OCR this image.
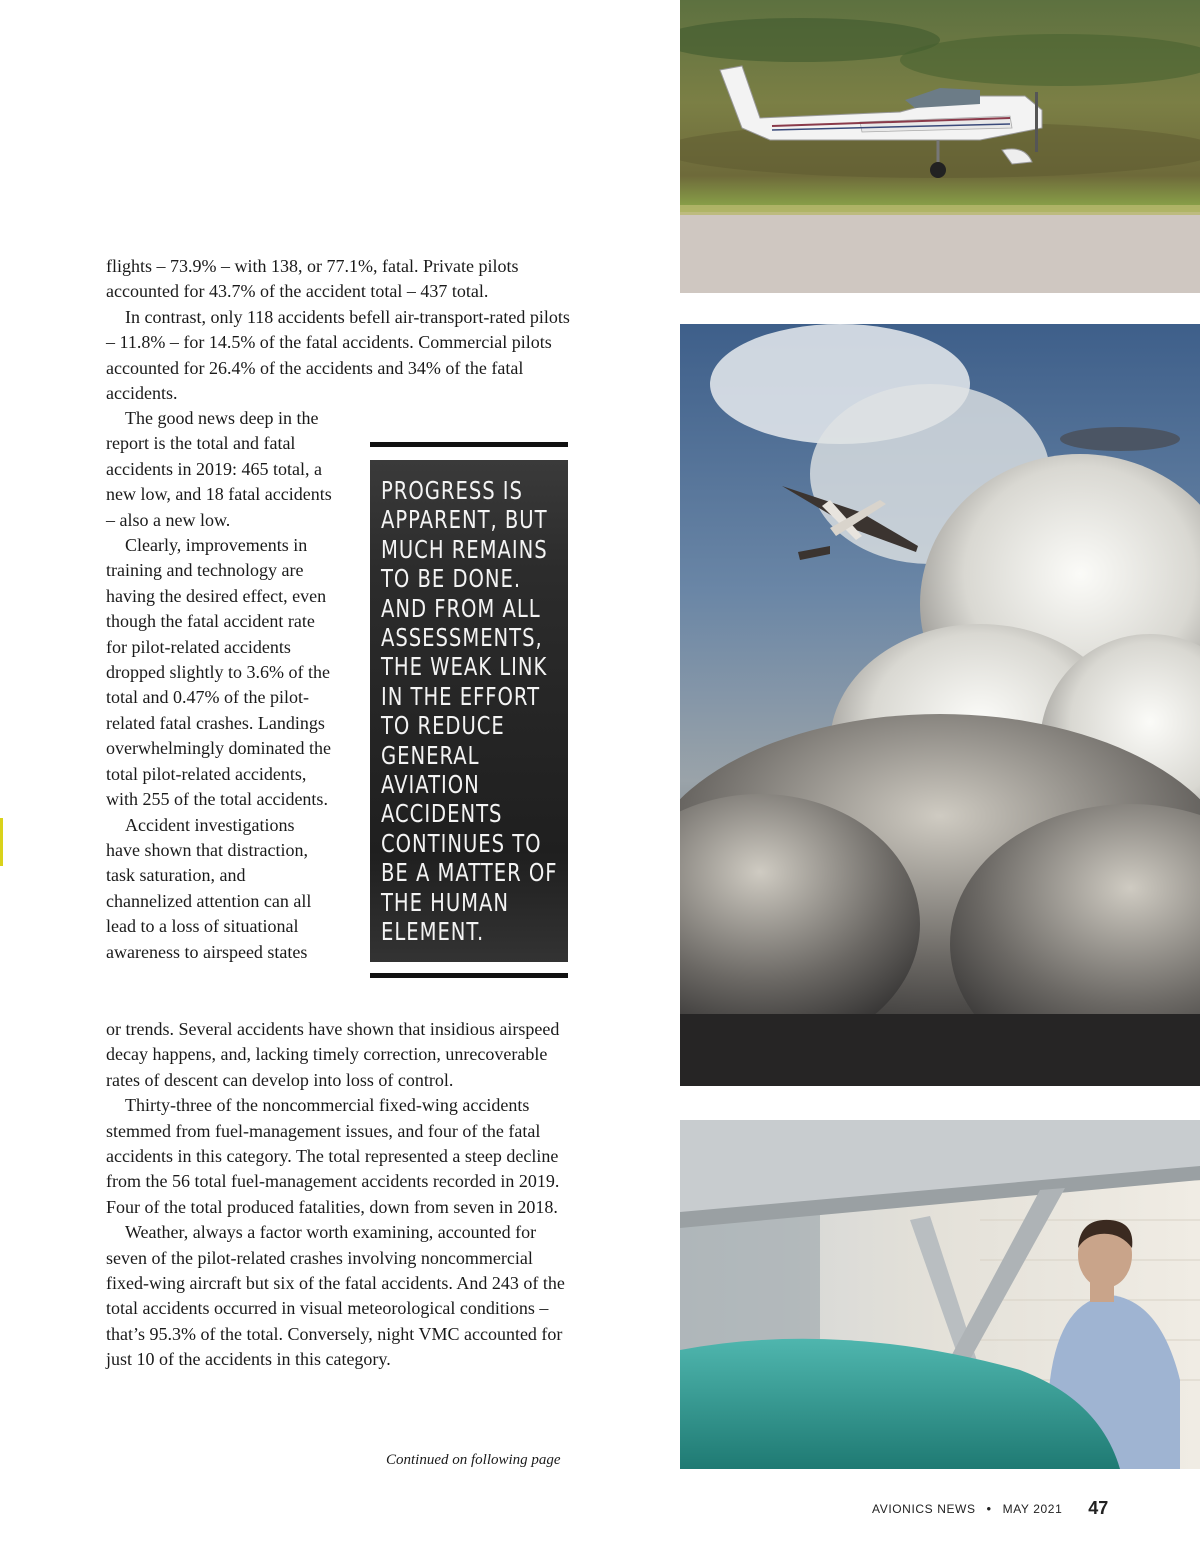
flights – 73.9% – with 138, or 77.1%, fatal. Private pilots accounted for 43.7% of the accident total – 437 total.

In contrast, only 118 accidents befell air-transport-rated pilots – 11.8% – for 14.5% of the fatal accidents. Commercial pilots accounted for 26.4% of the accidents and 34% of the fatal accidents.

The good news deep in the report is the total and fatal accidents in 2019: 465 total, a new low, and 18 fatal accidents – also a new low.

Clearly, improvements in training and technology are having the desired effect, even though the fatal accident rate for pilot-related accidents dropped slightly to 3.6% of the total and 0.47% of the pilot-related fatal crashes. Landings overwhelmingly dominated the total pilot-related accidents, with 255 of the total accidents.

Accident investigations have shown that distraction, task saturation, and channelized attention can all lead to a loss of situational awareness to airspeed states

or trends. Several accidents have shown that insidious airspeed decay happens, and, lacking timely correction, unrecoverable rates of descent can develop into loss of control.

Thirty-three of the noncommercial fixed-wing accidents stemmed from fuel-management issues, and four of the fatal accidents in this category. The total represented a steep decline from the 56 total fuel-management accidents recorded in 2019. Four of the total produced fatalities, down from seven in 2018.

Weather, always a factor worth examining, accounted for seven of the pilot-related crashes involving noncommercial fixed-wing aircraft but six of the fatal accidents. And 243 of the total accidents occurred in visual meteorological conditions – that’s 95.3% of the total. Conversely, night VMC accounted for just 10 of the accidents in this category.

Continued on following page

PROGRESS IS APPARENT, BUT MUCH REMAINS TO BE DONE. AND FROM ALL ASSESSMENTS, THE WEAK LINK IN THE EFFORT TO REDUCE GENERAL AVIATION ACCIDENTS CONTINUES TO BE A MATTER OF THE HUMAN ELEMENT.
AVIONICS NEWS • MAY 2021 47
